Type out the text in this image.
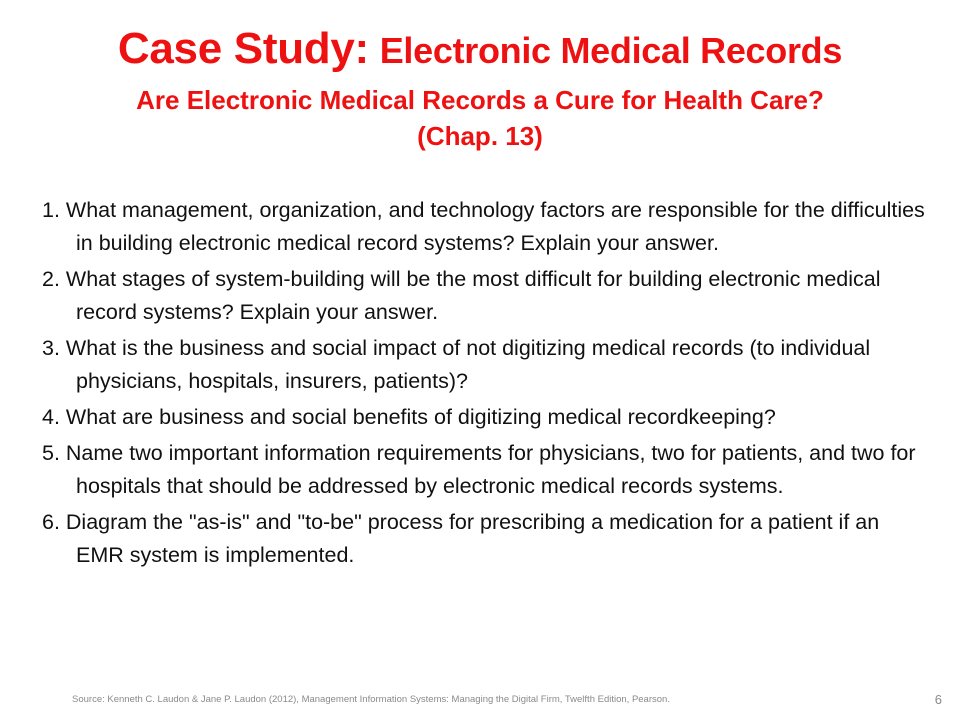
Case Study: Electronic Medical Records
Are Electronic Medical Records a Cure for Health Care?
(Chap. 13)

1. What management, organization, and technology factors are responsible for the difficulties in building electronic medical record systems? Explain your answer.

2. What stages of system-building will be the most difficult for building electronic medical record systems? Explain your answer.

3. What is the business and social impact of not digitizing medical records (to individual physicians, hospitals, insurers, patients)?

4. What are business and social benefits of digitizing medical recordkeeping?

5. Name two important information requirements for physicians, two for patients, and two for hospitals that should be addressed by electronic medical records systems.

6. Diagram the "as-is" and "to-be" process for prescribing a medication for a patient if an EMR system is implemented.

Source: Kenneth C. Laudon & Jane P. Laudon (2012), Management Information Systems: Managing the Digital Firm, Twelfth Edition, Pearson.	6
